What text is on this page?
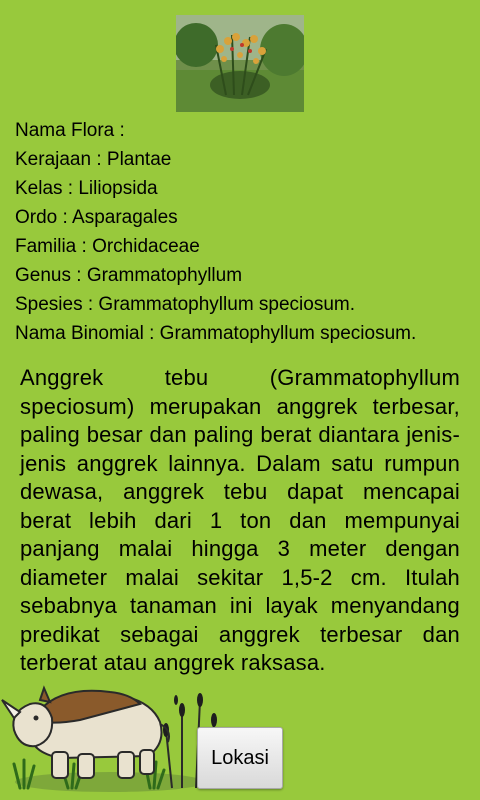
Nama Flora :
Kerajaan : Plantae
Kelas : Liliopsida
Ordo : Asparagales
Familia : Orchidaceae
Genus : Grammatophyllum
Spesies : Grammatophyllum speciosum.
Nama Binomial : Grammatophyllum speciosum.
Anggrek tebu (Grammatophyllum speciosum) merupakan anggrek terbesar, paling besar dan paling berat diantara jenis-jenis anggrek lainnya. Dalam satu rumpun dewasa, anggrek tebu dapat mencapai berat lebih dari 1 ton dan mempunyai panjang malai hingga 3 meter dengan diameter malai sekitar 1,5-2 cm. Itulah sebabnya tanaman ini layak menyandang predikat sebagai anggrek terbesar dan terberat atau anggrek raksasa.
Lokasi
